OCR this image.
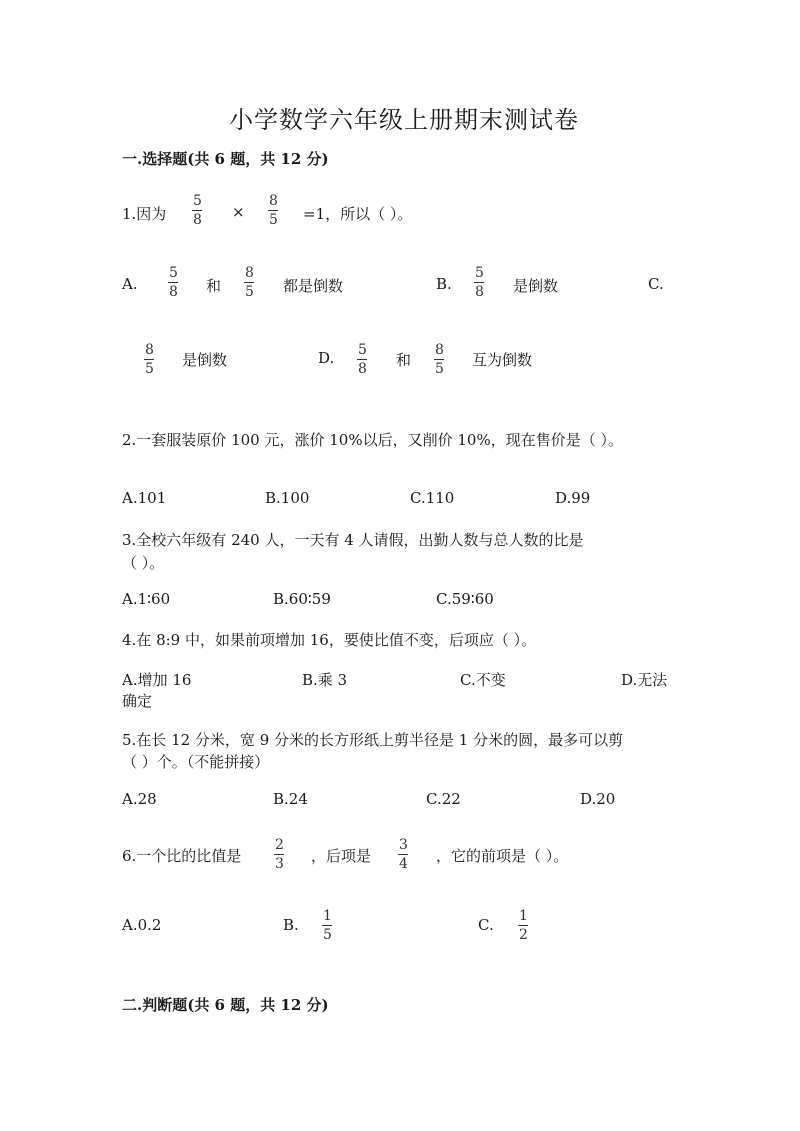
小学数学六年级上册期末测试卷
一.选择题(共 6 题，共 12 分)
1.因为
5
8 ×
8
5 =1，所以（ ）。
A.
5
8 和
8
5 都是倒数	B.
5
8 是倒数	C.
8
5 是倒数	D. 5
8 和
8
5 互为倒数
2.一套服装原价 100 元，涨价 10%以后，又削价 10%，现在售价是（ ）。
A.101	B.100	C.110	D.99
3.全校六年级有 240 人，一天有 4 人请假，出勤人数与总人数的比是
（ ）。
A.1∶60	B.60∶59	C.59∶60
4.在 8:9 中，如果前项增加 16，要使比值不变，后项应（ ）。
A.增加 16	B.乘 3	C.不变	D.无法
确定
5.在长 12 分米，宽 9 分米的长方形纸上剪半径是 1 分米的圆，最多可以剪
（ ）个。（不能拼接）
A.28	B.24	C.22	D.20
6.一个比的比值是
2
3 ，后项是
3
4 ，它的前项是（ ）。
A.0.2	B. 1
5
C. 1
2
二.判断题(共 6 题，共 12 分)
